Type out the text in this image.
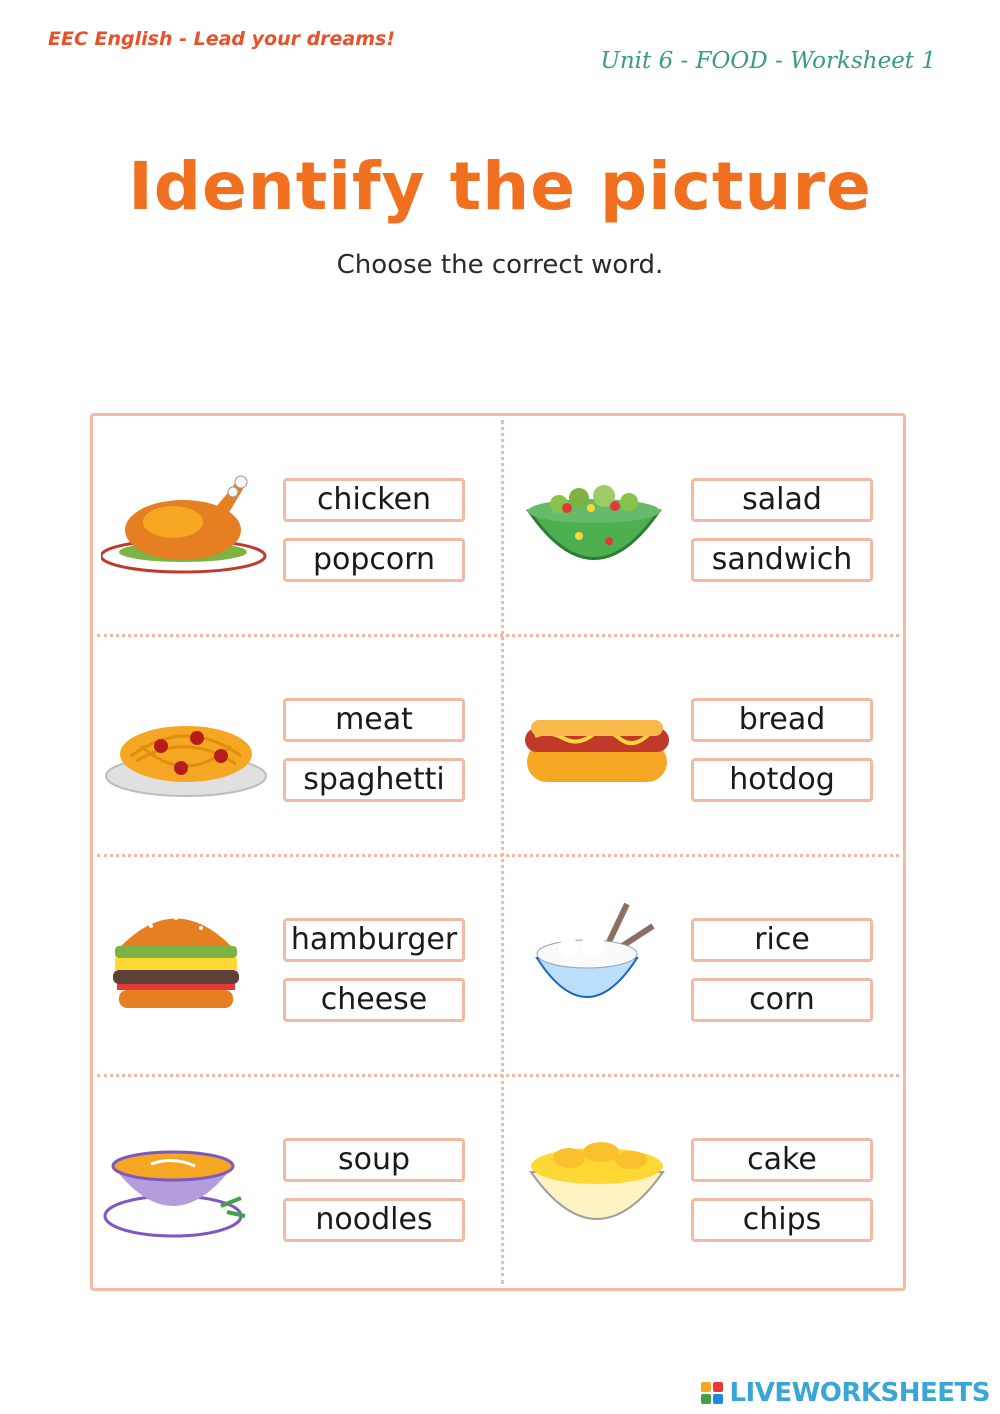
EEC English - Lead your dreams!
Unit 6 - FOOD - Worksheet 1
Identify the picture
Choose the correct word.
chicken
popcorn
salad
sandwich
meat
spaghetti
bread
hotdog
hamburger
cheese
rice
corn
soup
noodles
cake
chips
LIVEWORKSHEETS
